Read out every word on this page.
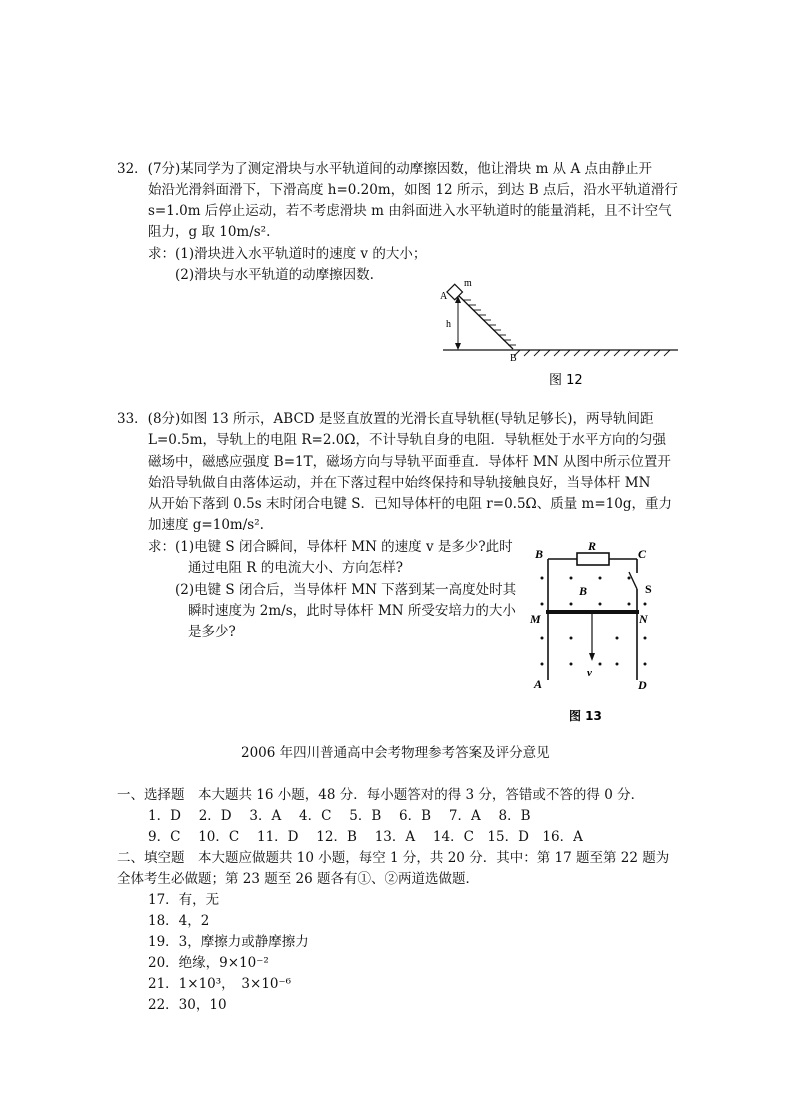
32．(7分)某同学为了测定滑块与水平轨道间的动摩擦因数，他让滑块 m 从 A 点由静止开
始沿光滑斜面滑下，下滑高度 h=0.20m，如图 12 所示，到达 B 点后，沿水平轨道滑行
s=1.0m 后停止运动，若不考虑滑块 m 由斜面进入水平轨道时的能量消耗，且不计空气
阻力，g 取 10m/s².
求：(1)滑块进入水平轨道时的速度 v 的大小；
(2)滑块与水平轨道的动摩擦因数.
A
m
h
B
图 12
33．(8分)如图 13 所示，ABCD 是竖直放置的光滑长直导轨框(导轨足够长)，两导轨间距
L=0.5m，导轨上的电阻 R=2.0Ω，不计导轨自身的电阻．导轨框处于水平方向的匀强
磁场中，磁感应强度 B=1T，磁场方向与导轨平面垂直．导体杆 MN 从图中所示位置开
始沿导轨做自由落体运动，并在下落过程中始终保持和导轨接触良好，当导体杆 MN
从开始下落到 0.5s 末时闭合电键 S．已知导体杆的电阻 r=0.5Ω、质量 m=10g，重力
加速度 g=10m/s².
求：(1)电键 S 闭合瞬间，导体杆 MN 的速度 v 是多少?此时
通过电阻 R 的电流大小、方向怎样?
(2)电键 S 闭合后，当导体杆 MN 下落到某一高度处时其
瞬时速度为 2m/s，此时导体杆 MN 所受安培力的大小
是多少?
B
R
C
S
B
M	N
v
A	D
图 13
2006 年四川普通高中会考物理参考答案及评分意见
一、选择题　本大题共 16 小题，48 分．每小题答对的得 3 分，答错或不答的得 0 分．
1．D　 2．D　 3．A　 4．C　 5．B　 6．B　 7．A　 8．B
9．C　 10．C　 11．D　 12．B　 13．A　 14．C　15．D　16．A
二、填空题　本大题应做题共 10 小题，每空 1 分，共 20 分．其中：第 17 题至第 22 题为
全体考生必做题；第 23 题至 26 题各有①、②两道选做题．
17．有，无
18．4，2
19．3，摩擦力或静摩擦力
20．绝缘，9×10⁻²
21．1×10³，　3×10⁻⁶
22．30，10
